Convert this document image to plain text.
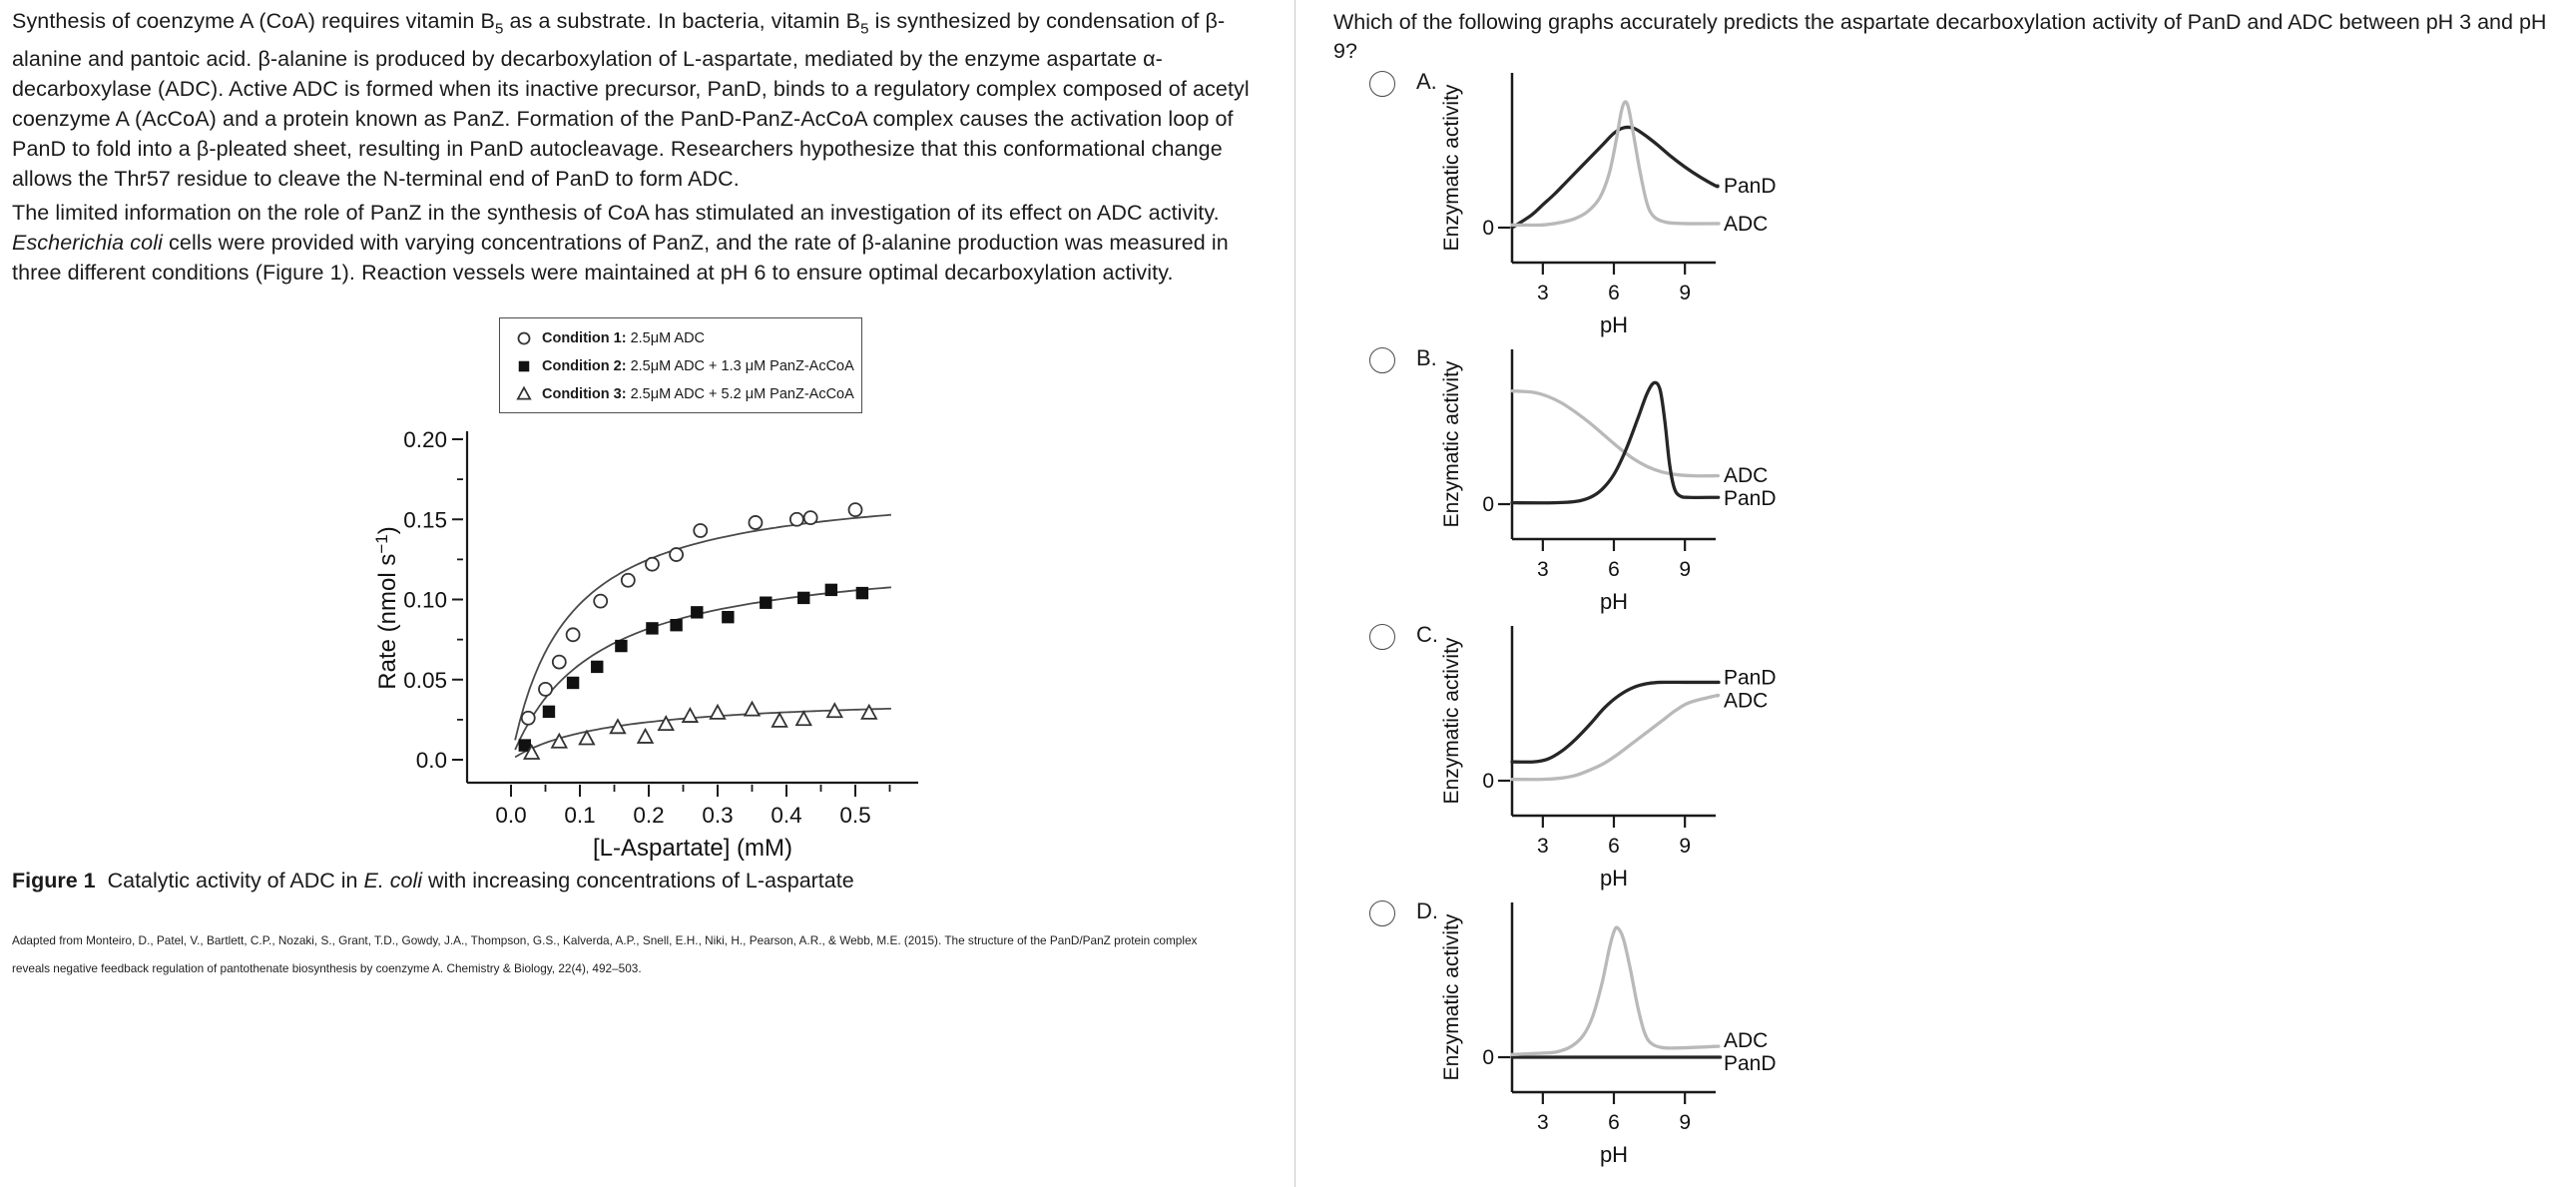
Synthesis of coenzyme A (CoA) requires vitamin $B_5$ as a substrate. In bacteria, vitamin $B_5$ is synthesized by condensation of β-alanine and pantoic acid. β-alanine is produced by decarboxylation of L-aspartate, mediated by the enzyme aspartate α-decarboxylase (ADC). Active ADC is formed when its inactive precursor, PanD, binds to a regulatory complex composed of acetyl coenzyme A (AcCoA) and a protein known as PanZ. Formation of the PanD-PanZ-AcCoA complex causes the activation loop of PanD to fold into a β-pleated sheet, resulting in PanD autocleavage. Researchers hypothesize that this conformational change allows the Thr57 residue to cleave the N-terminal end of PanD to form ADC.
The limited information on the role of PanZ in the synthesis of CoA has stimulated an investigation of its effect on ADC activity. Escherichia coli cells were provided with varying concentrations of PanZ, and the rate of β-alanine production was measured in three different conditions (Figure 1). Reaction vessels were maintained at pH 6 to ensure optimal decarboxylation activity.
Condition 1: 2.5μM ADC
Condition 2: 2.5μM ADC + 1.3 μM PanZ-AcCoA
Condition 3: 2.5μM ADC + 5.2 μM PanZ-AcCoA
0.0
0.05
0.10
0.15
0.20
0.0 0.1 0.2 0.3 0.4 0.5
Rate (nmol $s^{-1}$)
[L-Aspartate] (mM)
Figure 1  Catalytic activity of ADC in E. coli with increasing concentrations of L-aspartate
Adapted from Monteiro, D., Patel, V., Bartlett, C.P., Nozaki, S., Grant, T.D., Gowdy, J.A., Thompson, G.S., Kalverda, A.P., Snell, E.H., Niki, H., Pearson, A.R., & Webb, M.E. (2015). The structure of the PanD/PanZ protein complex
reveals negative feedback regulation of pantothenate biosynthesis by coenzyme A. Chemistry & Biology, 22(4), 492–503.
Which of the following graphs accurately predicts the aspartate decarboxylation activity of PanD and ADC between pH 3 and pH 9?
A.
0
3	6	9
Enzymatic activity
pH
PanD
ADC
B.
0
3	6	9
Enzymatic activity
pH
ADC
PanD
C.
0
3	6	9
Enzymatic activity
pH
PanD
ADC
D.
0
3	6	9
Enzymatic activity
pH
ADC
PanD
